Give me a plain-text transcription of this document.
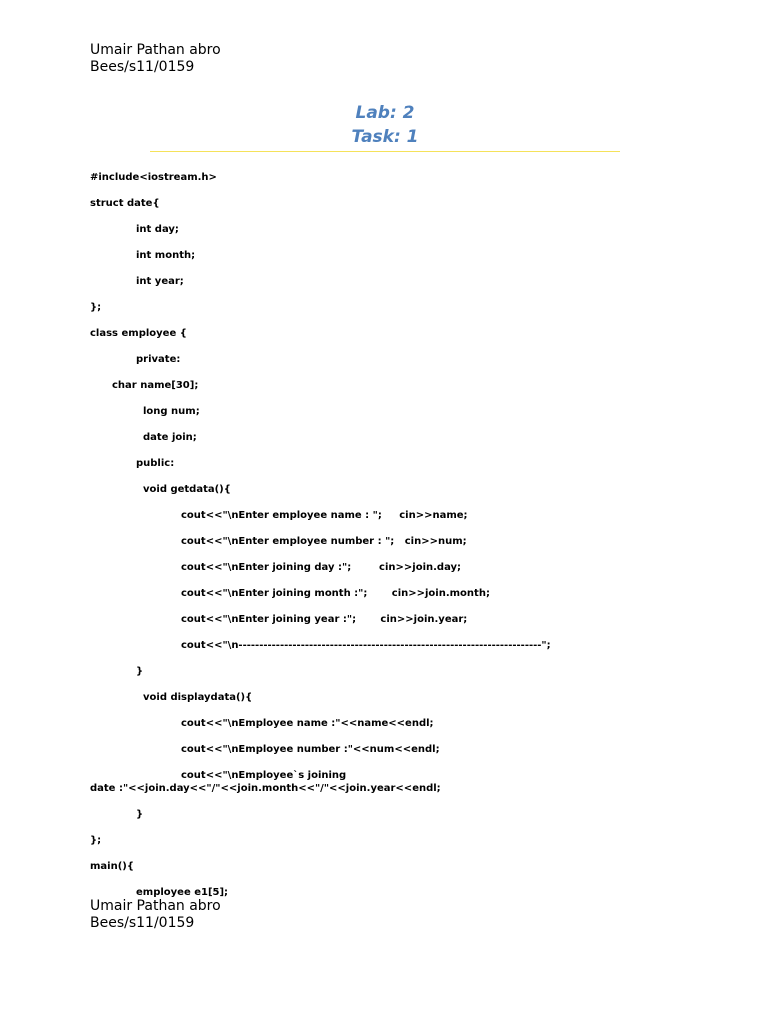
Umair Pathan abro
Bees/s11/0159
Lab: 2
Task: 1
#include<iostream.h>
struct date{
int day;
int month;
int year;
};
class employee {
private:
char name[30];
long num;
date join;
public:
void getdata(){
cout<<"\nEnter employee name : ";     cin>>name;
cout<<"\nEnter employee number : ";   cin>>num;
cout<<"\nEnter joining day :";        cin>>join.day;
cout<<"\nEnter joining month :";       cin>>join.month;
cout<<"\nEnter joining year :";       cin>>join.year;
cout<<"\n-------------------------------------------------------------------------";
}
void displaydata(){
cout<<"\nEmployee name :"<<name<<endl;
cout<<"\nEmployee number :"<<num<<endl;
cout<<"\nEmployee`s joining
date :"<<join.day<<"/"<<join.month<<"/"<<join.year<<endl;
}
};
main(){
employee e1[5];
Umair Pathan abro
Bees/s11/0159
